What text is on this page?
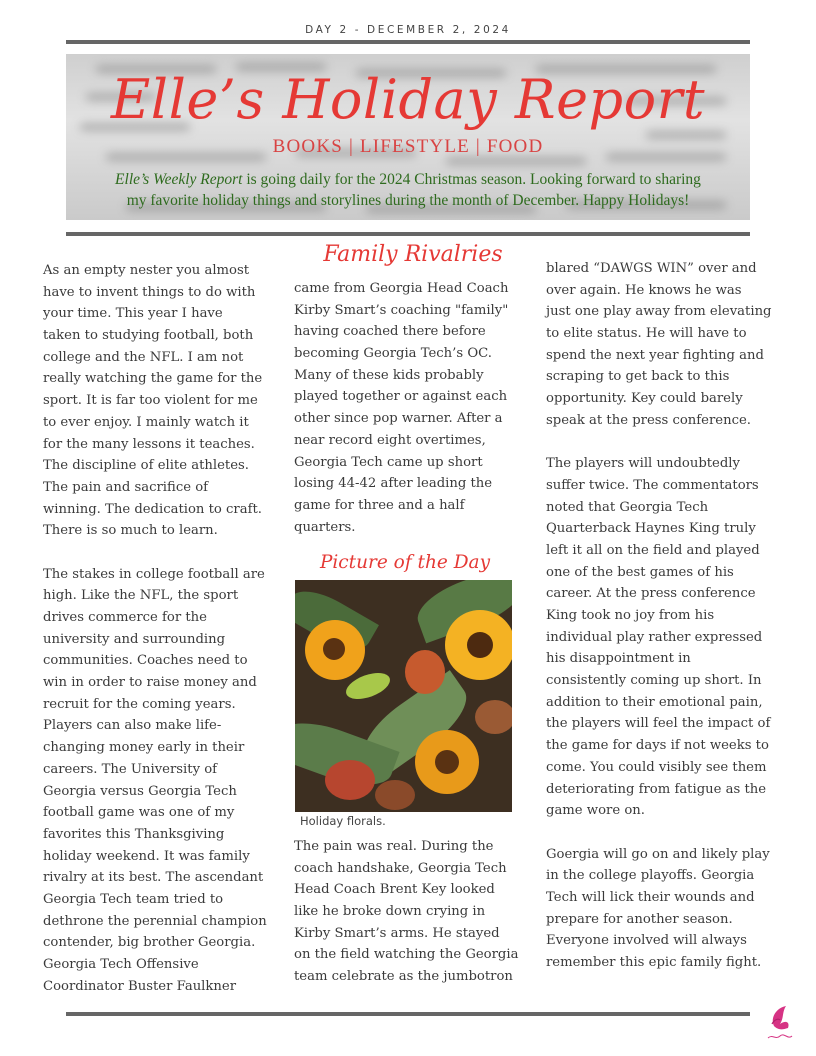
DAY 2 - DECEMBER 2, 2024
Elle’s Holiday Report
BOOKS | LIFESTYLE | FOOD
Elle’s Weekly Report is going daily for the 2024 Christmas season. Looking forward to sharing
my favorite holiday things and storylines during the month of December. Happy Holidays!
As an empty nester you almost
have to invent things to do with
your time. This year I have
taken to studying football, both
college and the NFL. I am not
really watching the game for the
sport. It is far too violent for me
to ever enjoy. I mainly watch it
for the many lessons it teaches.
The discipline of elite athletes.
The pain and sacrifice of
winning. The dedication to craft.
There is so much to learn.
The stakes in college football are
high. Like the NFL, the sport
drives commerce for the
university and surrounding
communities. Coaches need to
win in order to raise money and
recruit for the coming years.
Players can also make life-
changing money early in their
careers. The University of
Georgia versus Georgia Tech
football game was one of my
favorites this Thanksgiving
holiday weekend. It was family
rivalry at its best. The ascendant
Georgia Tech team tried to
dethrone the perennial champion
contender, big brother Georgia.
Georgia Tech Offensive
Coordinator Buster Faulkner
Family Rivalries
came from Georgia Head Coach
Kirby Smart’s coaching "family"
having coached there before
becoming Georgia Tech’s OC.
Many of these kids probably
played together or against each
other since pop warner. After a
near record eight overtimes,
Georgia Tech came up short
losing 44-42 after leading the
game for three and a half
quarters.
Picture of the Day
Holiday florals.
The pain was real. During the
coach handshake, Georgia Tech
Head Coach Brent Key looked
like he broke down crying in
Kirby Smart’s arms. He stayed
on the field watching the Georgia
team celebrate as the jumbotron
blared “DAWGS WIN” over and
over again. He knows he was
just one play away from elevating
to elite status. He will have to
spend the next year fighting and
scraping to get back to this
opportunity. Key could barely
speak at the press conference.
The players will undoubtedly
suffer twice. The commentators
noted that Georgia Tech
Quarterback Haynes King truly
left it all on the field and played
one of the best games of his
career. At the press conference
King took no joy from his
individual play rather expressed
his disappointment in
consistently coming up short. In
addition to their emotional pain,
the players will feel the impact of
the game for days if not weeks to
come. You could visibly see them
deteriorating from fatigue as the
game wore on.
Goergia will go on and likely play
in the college playoffs. Georgia
Tech will lick their wounds and
prepare for another season.
Everyone involved will always
remember this epic family fight.
